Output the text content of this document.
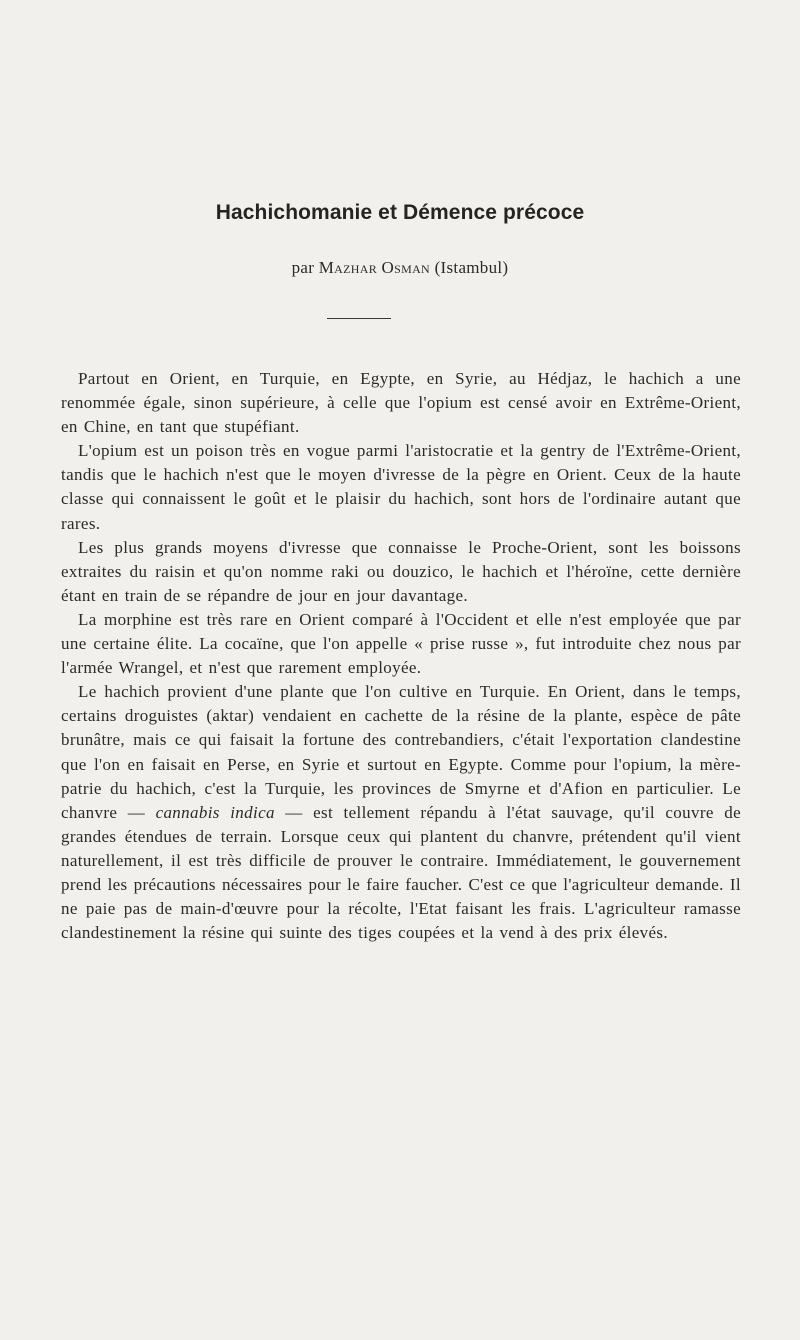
Hachichomanie et Démence précoce
par Mazhar Osman (Istambul)

Partout en Orient, en Turquie, en Egypte, en Syrie, au Hédjaz, le hachich a une renommée égale, sinon supérieure, à celle que l'opium est censé avoir en Extrême-Orient, en Chine, en tant que stupéfiant.

L'opium est un poison très en vogue parmi l'aristocratie et la gentry de l'Extrême-Orient, tandis que le hachich n'est que le moyen d'ivresse de la pègre en Orient. Ceux de la haute classe qui connaissent le goût et le plaisir du hachich, sont hors de l'ordinaire autant que rares.

Les plus grands moyens d'ivresse que connaisse le Proche-Orient, sont les boissons extraites du raisin et qu'on nomme raki ou douzico, le hachich et l'héroïne, cette dernière étant en train de se répandre de jour en jour davantage.

La morphine est très rare en Orient comparé à l'Occident et elle n'est employée que par une certaine élite. La cocaïne, que l'on appelle « prise russe », fut introduite chez nous par l'armée Wrangel, et n'est que rarement employée.

Le hachich provient d'une plante que l'on cultive en Turquie. En Orient, dans le temps, certains droguistes (aktar) vendaient en cachette de la résine de la plante, espèce de pâte brunâtre, mais ce qui faisait la fortune des contrebandiers, c'était l'exportation clandestine que l'on en faisait en Perse, en Syrie et surtout en Egypte. Comme pour l'opium, la mère-patrie du hachich, c'est la Turquie, les provinces de Smyrne et d'Afion en particulier. Le chanvre — cannabis indica — est tellement répandu à l'état sauvage, qu'il couvre de grandes étendues de terrain. Lorsque ceux qui plantent du chanvre, prétendent qu'il vient naturellement, il est très difficile de prouver le contraire. Immédiatement, le gouvernement prend les précautions nécessaires pour le faire faucher. C'est ce que l'agriculteur demande. Il ne paie pas de main-d'œuvre pour la récolte, l'Etat faisant les frais. L'agriculteur ramasse clandestinement la résine qui suinte des tiges coupées et la vend à des prix élevés.
